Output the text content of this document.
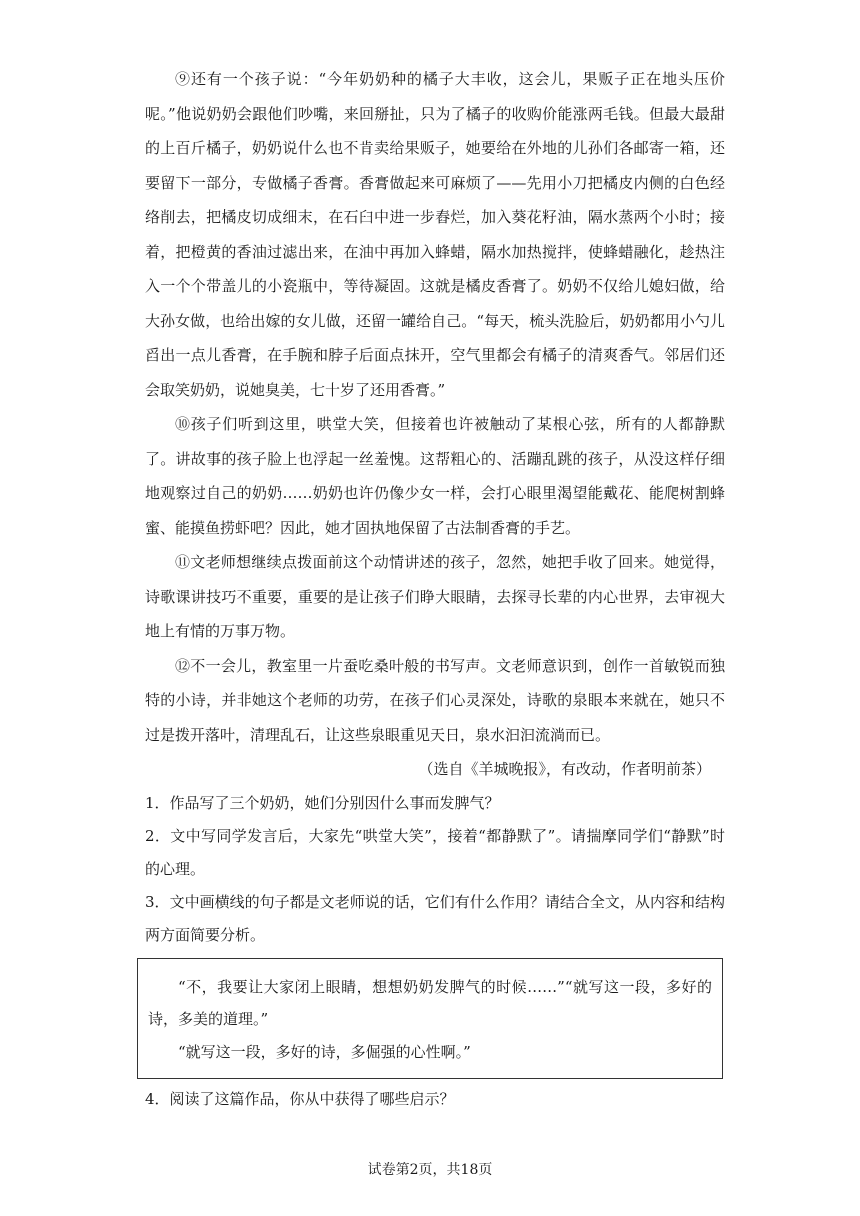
⑨还有一个孩子说：“今年奶奶种的橘子大丰收，这会儿，果贩子正在地头压价呢。”他说奶奶会跟他们吵嘴，来回掰扯，只为了橘子的收购价能涨两毛钱。但最大最甜的上百斤橘子，奶奶说什么也不肯卖给果贩子，她要给在外地的儿孙们各邮寄一箱，还要留下一部分，专做橘子香膏。香膏做起来可麻烦了——先用小刀把橘皮内侧的白色经络削去，把橘皮切成细末，在石臼中进一步舂烂，加入葵花籽油，隔水蒸两个小时；接着，把橙黄的香油过滤出来，在油中再加入蜂蜡，隔水加热搅拌，使蜂蜡融化，趁热注入一个个带盖儿的小瓷瓶中，等待凝固。这就是橘皮香膏了。奶奶不仅给儿媳妇做，给大孙女做，也给出嫁的女儿做，还留一罐给自己。“每天，梳头洗脸后，奶奶都用小勺儿舀出一点儿香膏，在手腕和脖子后面点抹开，空气里都会有橘子的清爽香气。邻居们还会取笑奶奶，说她臭美，七十岁了还用香膏。”

⑩孩子们听到这里，哄堂大笑，但接着也许被触动了某根心弦，所有的人都静默了。讲故事的孩子脸上也浮起一丝羞愧。这帮粗心的、活蹦乱跳的孩子，从没这样仔细地观察过自己的奶奶……奶奶也许仍像少女一样，会打心眼里渴望能戴花、能爬树割蜂蜜、能摸鱼捞虾吧？因此，她才固执地保留了古法制香膏的手艺。

⑪文老师想继续点拨面前这个动情讲述的孩子，忽然，她把手收了回来。她觉得，诗歌课讲技巧不重要，重要的是让孩子们睁大眼睛，去探寻长辈的内心世界，去审视大地上有情的万事万物。

⑫不一会儿，教室里一片蚕吃桑叶般的书写声。文老师意识到，创作一首敏锐而独特的小诗，并非她这个老师的功劳，在孩子们心灵深处，诗歌的泉眼本来就在，她只不过是拨开落叶，清理乱石，让这些泉眼重见天日，泉水汩汩流淌而已。

（选自《羊城晚报》，有改动，作者明前茶）

1．作品写了三个奶奶，她们分别因什么事而发脾气？

2．文中写同学发言后，大家先“哄堂大笑”，接着“都静默了”。请揣摩同学们“静默”时的心理。

3．文中画横线的句子都是文老师说的话，它们有什么作用？请结合全文，从内容和结构两方面简要分析。

“不，我要让大家闭上眼睛，想想奶奶发脾气的时候……”“就写这一段，多好的诗，多美的道理。”

“就写这一段，多好的诗，多倔强的心性啊。”

4．阅读了这篇作品，你从中获得了哪些启示？

试卷第2页，共18页
